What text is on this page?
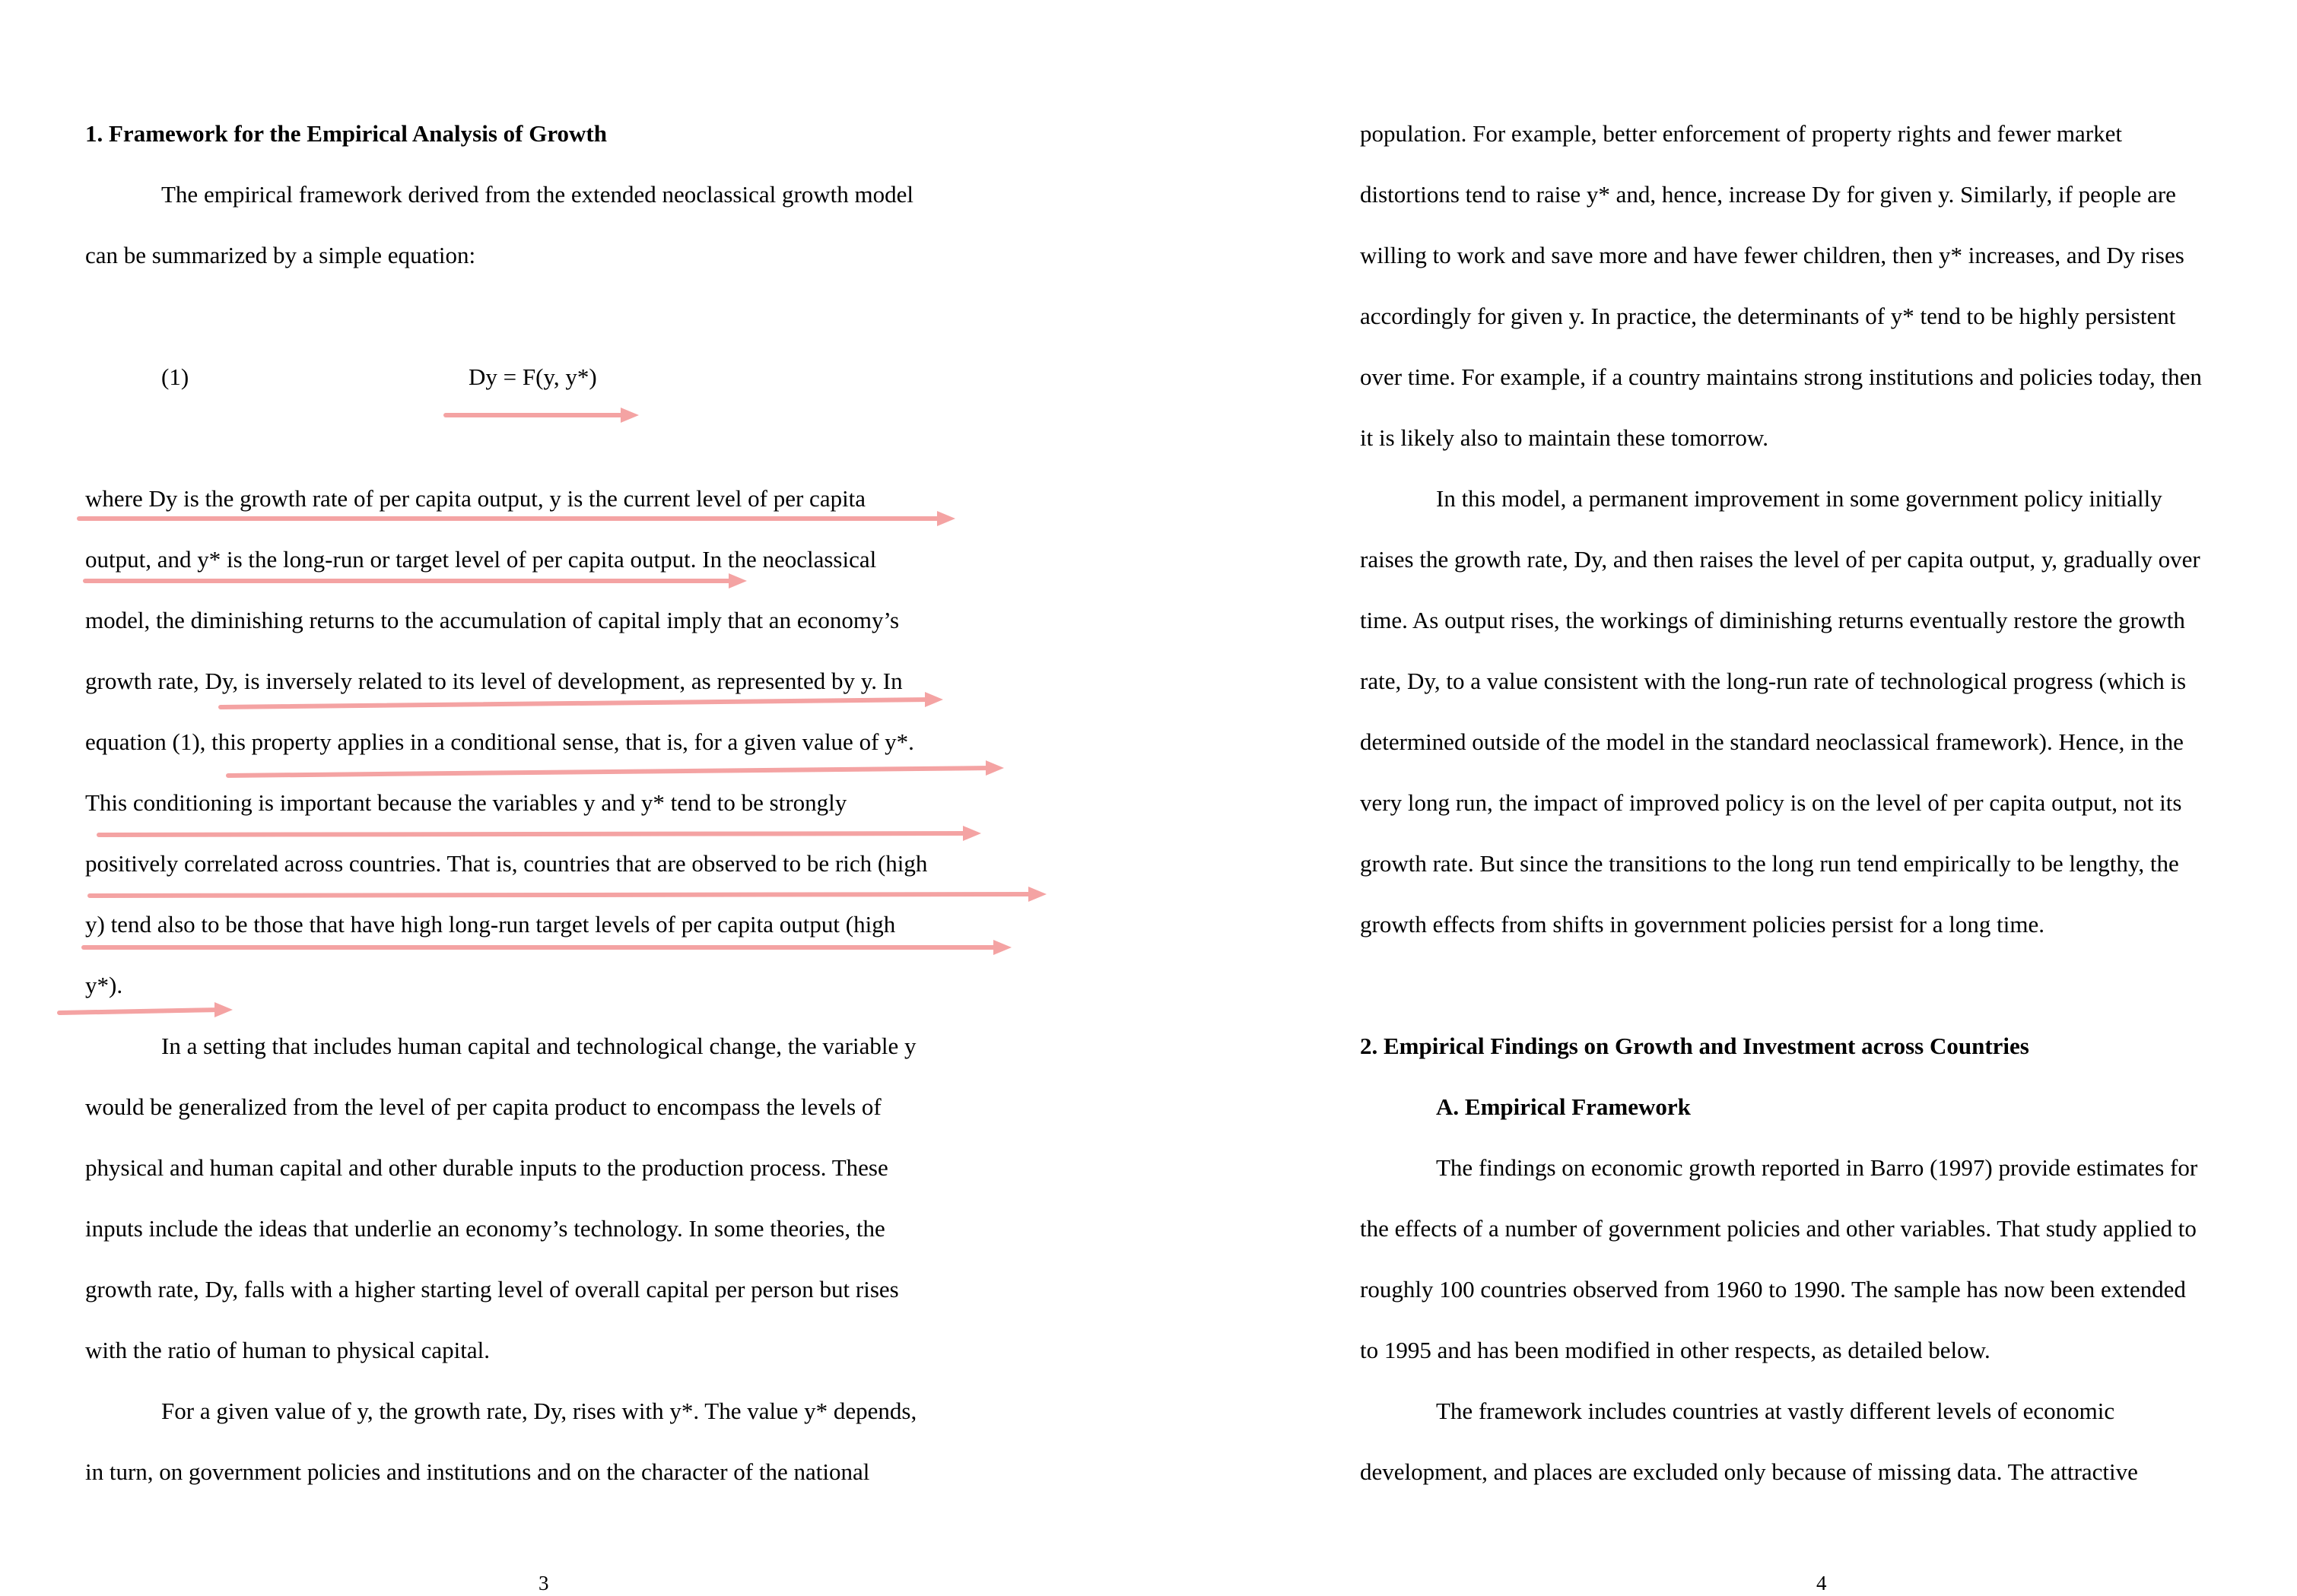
1. Framework for the Empirical Analysis of Growth

The empirical framework derived from the extended neoclassical growth model

can be summarized by a simple equation:

(1)	Dy = F(y, y*)

where Dy is the growth rate of per capita output, y is the current level of per capita

output, and y* is the long-run or target level of per capita output. In the neoclassical

model, the diminishing returns to the accumulation of capital imply that an economy’s

growth rate, Dy, is inversely related to its level of development, as represented by y. In

equation (1), this property applies in a conditional sense, that is, for a given value of y*.

This conditioning is important because the variables y and y* tend to be strongly

positively correlated across countries. That is, countries that are observed to be rich (high

y) tend also to be those that have high long-run target levels of per capita output (high

y*).

In a setting that includes human capital and technological change, the variable y

would be generalized from the level of per capita product to encompass the levels of

physical and human capital and other durable inputs to the production process. These

inputs include the ideas that underlie an economy’s technology. In some theories, the

growth rate, Dy, falls with a higher starting level of overall capital per person but rises

with the ratio of human to physical capital.

For a given value of y, the growth rate, Dy, rises with y*. The value y* depends,

in turn, on government policies and institutions and on the character of the national

3

population. For example, better enforcement of property rights and fewer market

distortions tend to raise y* and, hence, increase Dy for given y. Similarly, if people are

willing to work and save more and have fewer children, then y* increases, and Dy rises

accordingly for given y. In practice, the determinants of y* tend to be highly persistent

over time. For example, if a country maintains strong institutions and policies today, then

it is likely also to maintain these tomorrow.

In this model, a permanent improvement in some government policy initially

raises the growth rate, Dy, and then raises the level of per capita output, y, gradually over

time. As output rises, the workings of diminishing returns eventually restore the growth

rate, Dy, to a value consistent with the long-run rate of technological progress (which is

determined outside of the model in the standard neoclassical framework). Hence, in the

very long run, the impact of improved policy is on the level of per capita output, not its

growth rate. But since the transitions to the long run tend empirically to be lengthy, the

growth effects from shifts in government policies persist for a long time.

2. Empirical Findings on Growth and Investment across Countries

A. Empirical Framework

The findings on economic growth reported in Barro (1997) provide estimates for

the effects of a number of government policies and other variables. That study applied to

roughly 100 countries observed from 1960 to 1990. The sample has now been extended

to 1995 and has been modified in other respects, as detailed below.

The framework includes countries at vastly different levels of economic

development, and places are excluded only because of missing data. The attractive

4
